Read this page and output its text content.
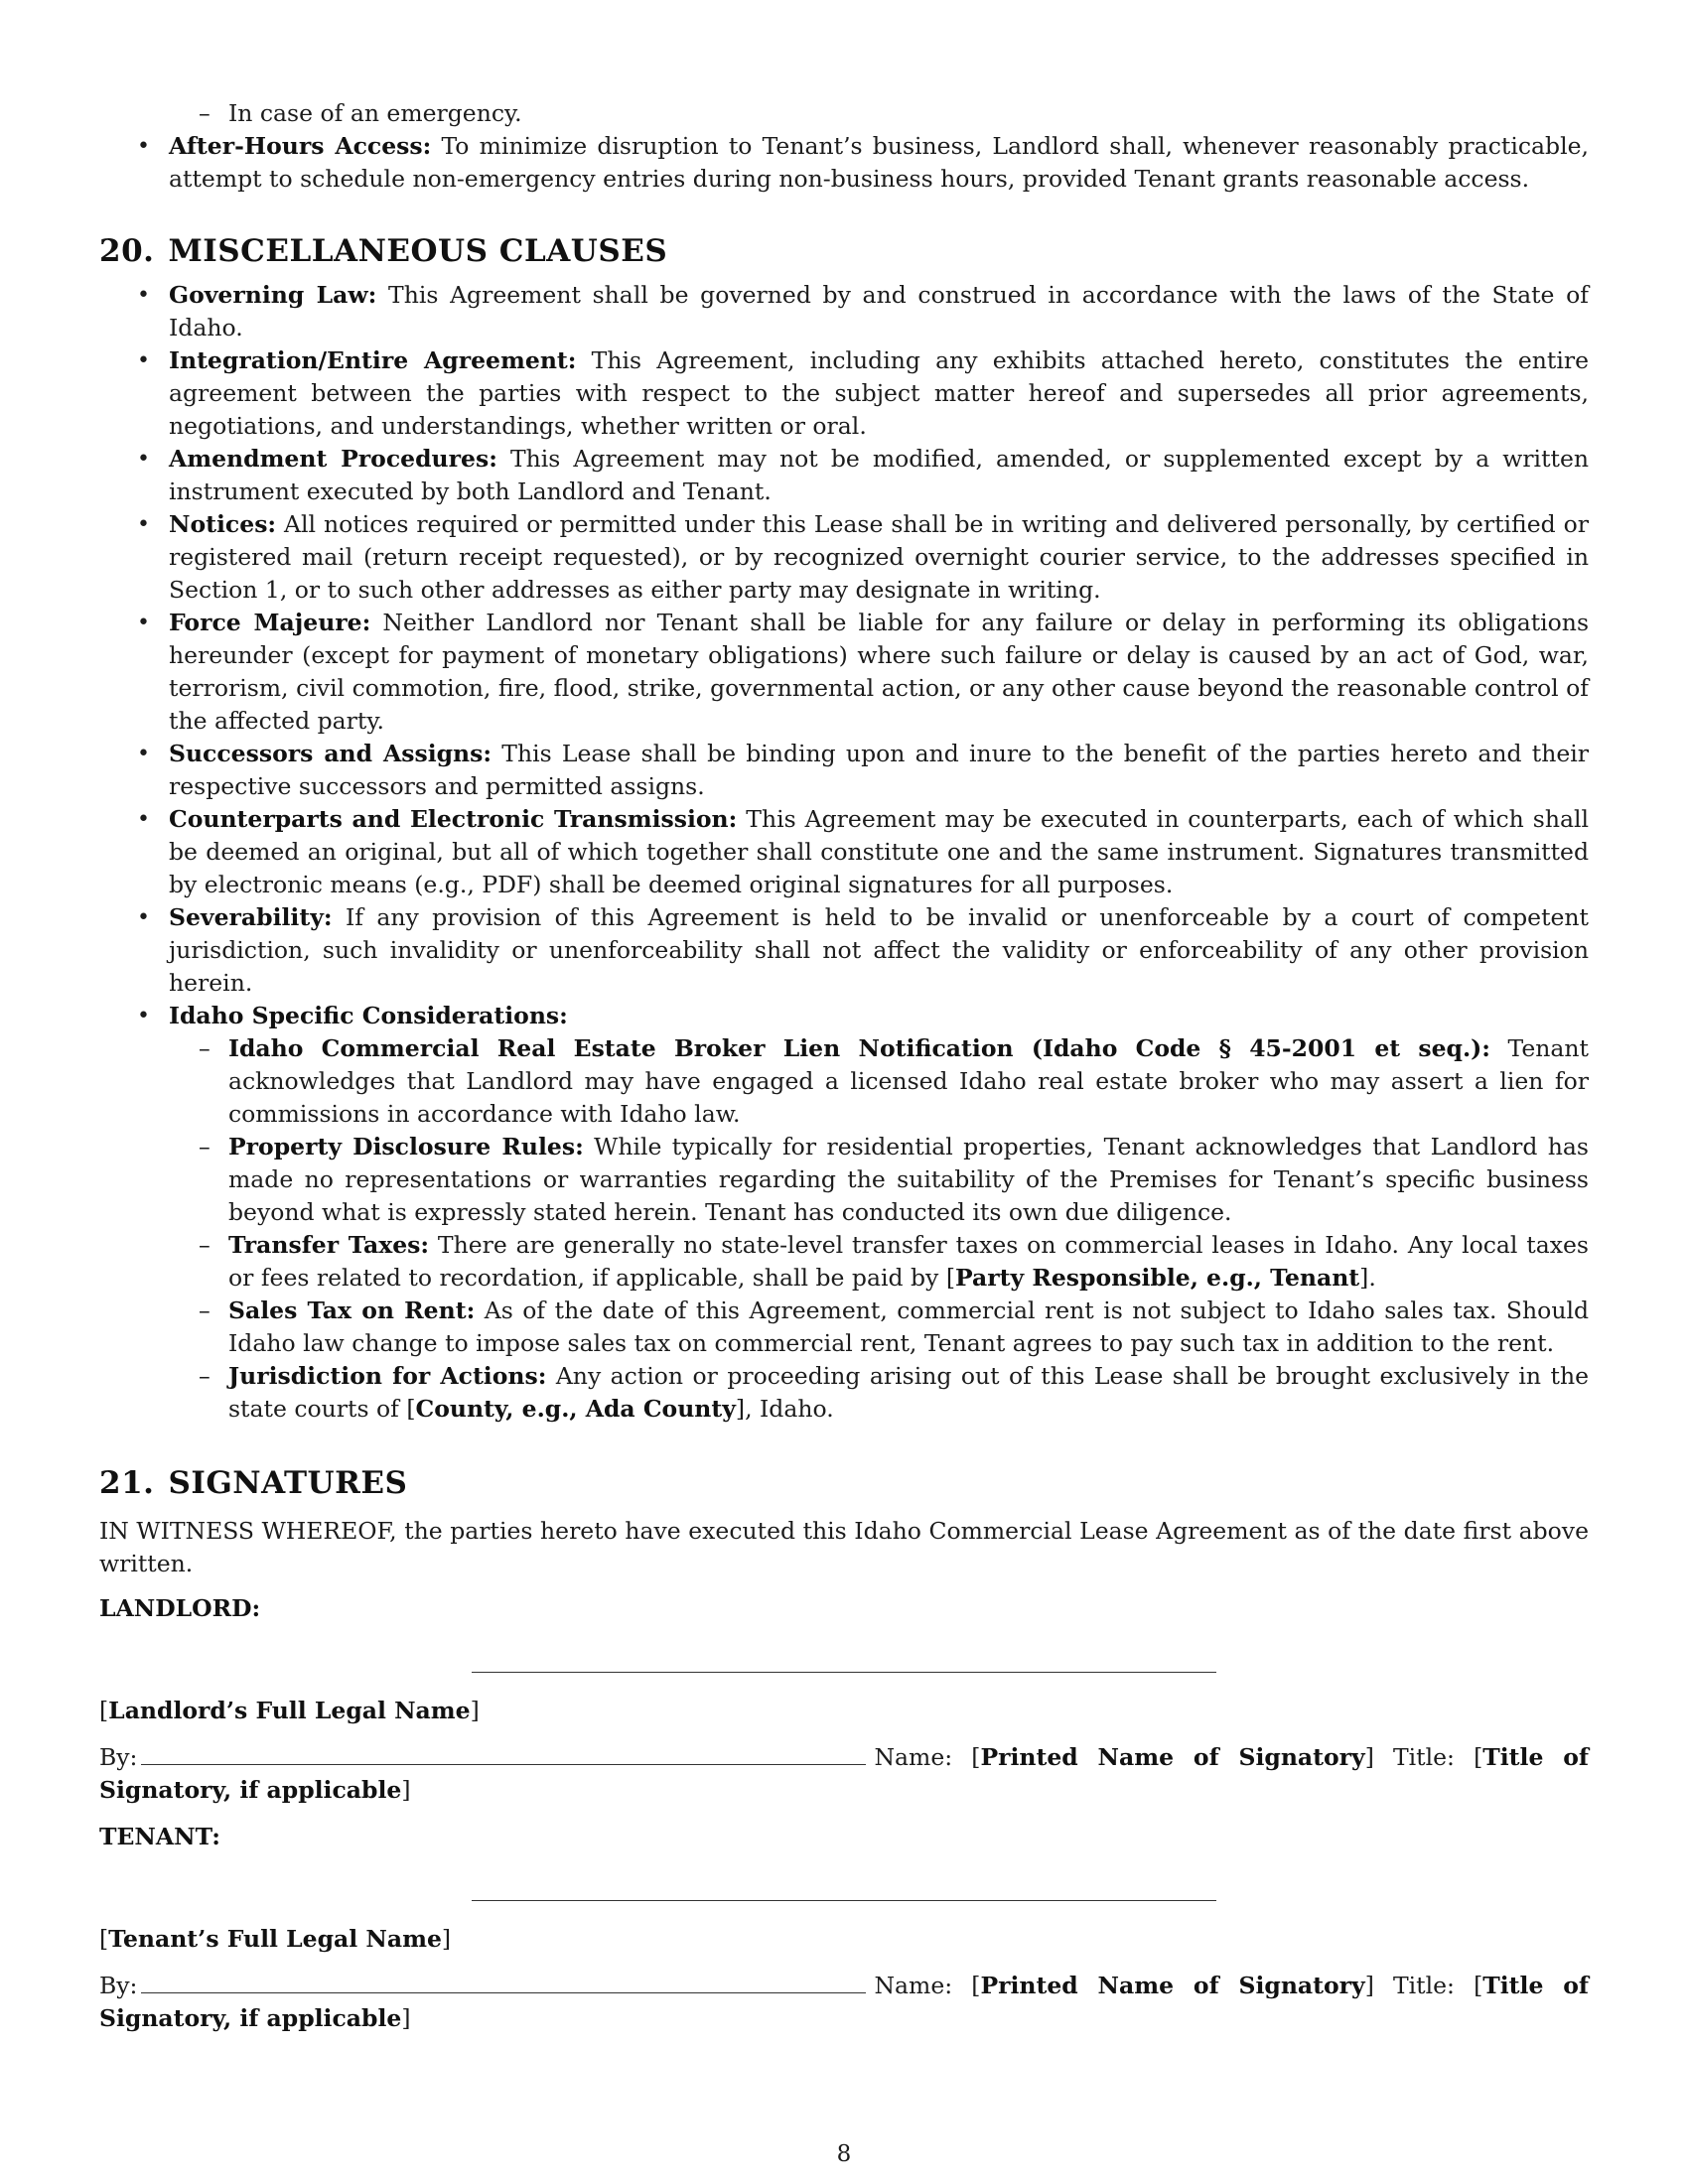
– In case of an emergency.
• After-Hours Access: To minimize disruption to Tenant’s business, Landlord shall, whenever reasonably practicable, attempt to schedule non-emergency entries during non-business hours, provided Tenant grants reasonable access.
20. MISCELLANEOUS CLAUSES
• Governing Law: This Agreement shall be governed by and construed in accordance with the laws of the State of Idaho.
• Integration/Entire Agreement: This Agreement, including any exhibits attached hereto, constitutes the entire agreement between the parties with respect to the subject matter hereof and supersedes all prior agreements, negotiations, and understandings, whether written or oral.
• Amendment Procedures: This Agreement may not be modified, amended, or supplemented except by a written instrument executed by both Landlord and Tenant.
• Notices: All notices required or permitted under this Lease shall be in writing and delivered personally, by certified or registered mail (return receipt requested), or by recognized overnight courier service, to the addresses specified in Section 1, or to such other addresses as either party may designate in writing.
• Force Majeure: Neither Landlord nor Tenant shall be liable for any failure or delay in performing its obligations hereunder (except for payment of monetary obligations) where such failure or delay is caused by an act of God, war, terrorism, civil commotion, fire, flood, strike, governmental action, or any other cause beyond the reasonable control of the affected party.
• Successors and Assigns: This Lease shall be binding upon and inure to the benefit of the parties hereto and their respective successors and permitted assigns.
• Counterparts and Electronic Transmission: This Agreement may be executed in counterparts, each of which shall be deemed an original, but all of which together shall constitute one and the same instrument. Signatures transmitted by electronic means (e.g., PDF) shall be deemed original signatures for all purposes.
• Severability: If any provision of this Agreement is held to be invalid or unenforceable by a court of competent jurisdiction, such invalidity or unenforceability shall not affect the validity or enforceability of any other provision herein.
• Idaho Specific Considerations:
– Idaho Commercial Real Estate Broker Lien Notification (Idaho Code § 45-2001 et seq.): Tenant acknowledges that Landlord may have engaged a licensed Idaho real estate broker who may assert a lien for commissions in accordance with Idaho law.
– Property Disclosure Rules: While typically for residential properties, Tenant acknowledges that Landlord has made no representations or warranties regarding the suitability of the Premises for Tenant’s specific business beyond what is expressly stated herein. Tenant has conducted its own due diligence.
– Transfer Taxes: There are generally no state-level transfer taxes on commercial leases in Idaho. Any local taxes or fees related to recordation, if applicable, shall be paid by [Party Responsible, e.g., Tenant].
– Sales Tax on Rent: As of the date of this Agreement, commercial rent is not subject to Idaho sales tax. Should Idaho law change to impose sales tax on commercial rent, Tenant agrees to pay such tax in addition to the rent.
– Jurisdiction for Actions: Any action or proceeding arising out of this Lease shall be brought exclusively in the state courts of [County, e.g., Ada County], Idaho.
21. SIGNATURES

IN WITNESS WHEREOF, the parties hereto have executed this Idaho Commercial Lease Agreement as of the date first above written.

LANDLORD:

[Landlord’s Full Legal Name]

By:	Name: [Printed Name of Signatory] Title: [Title of Signatory, if applicable]

TENANT:

[Tenant’s Full Legal Name]

By:	Name: [Printed Name of Signatory] Title: [Title of Signatory, if applicable]

8
